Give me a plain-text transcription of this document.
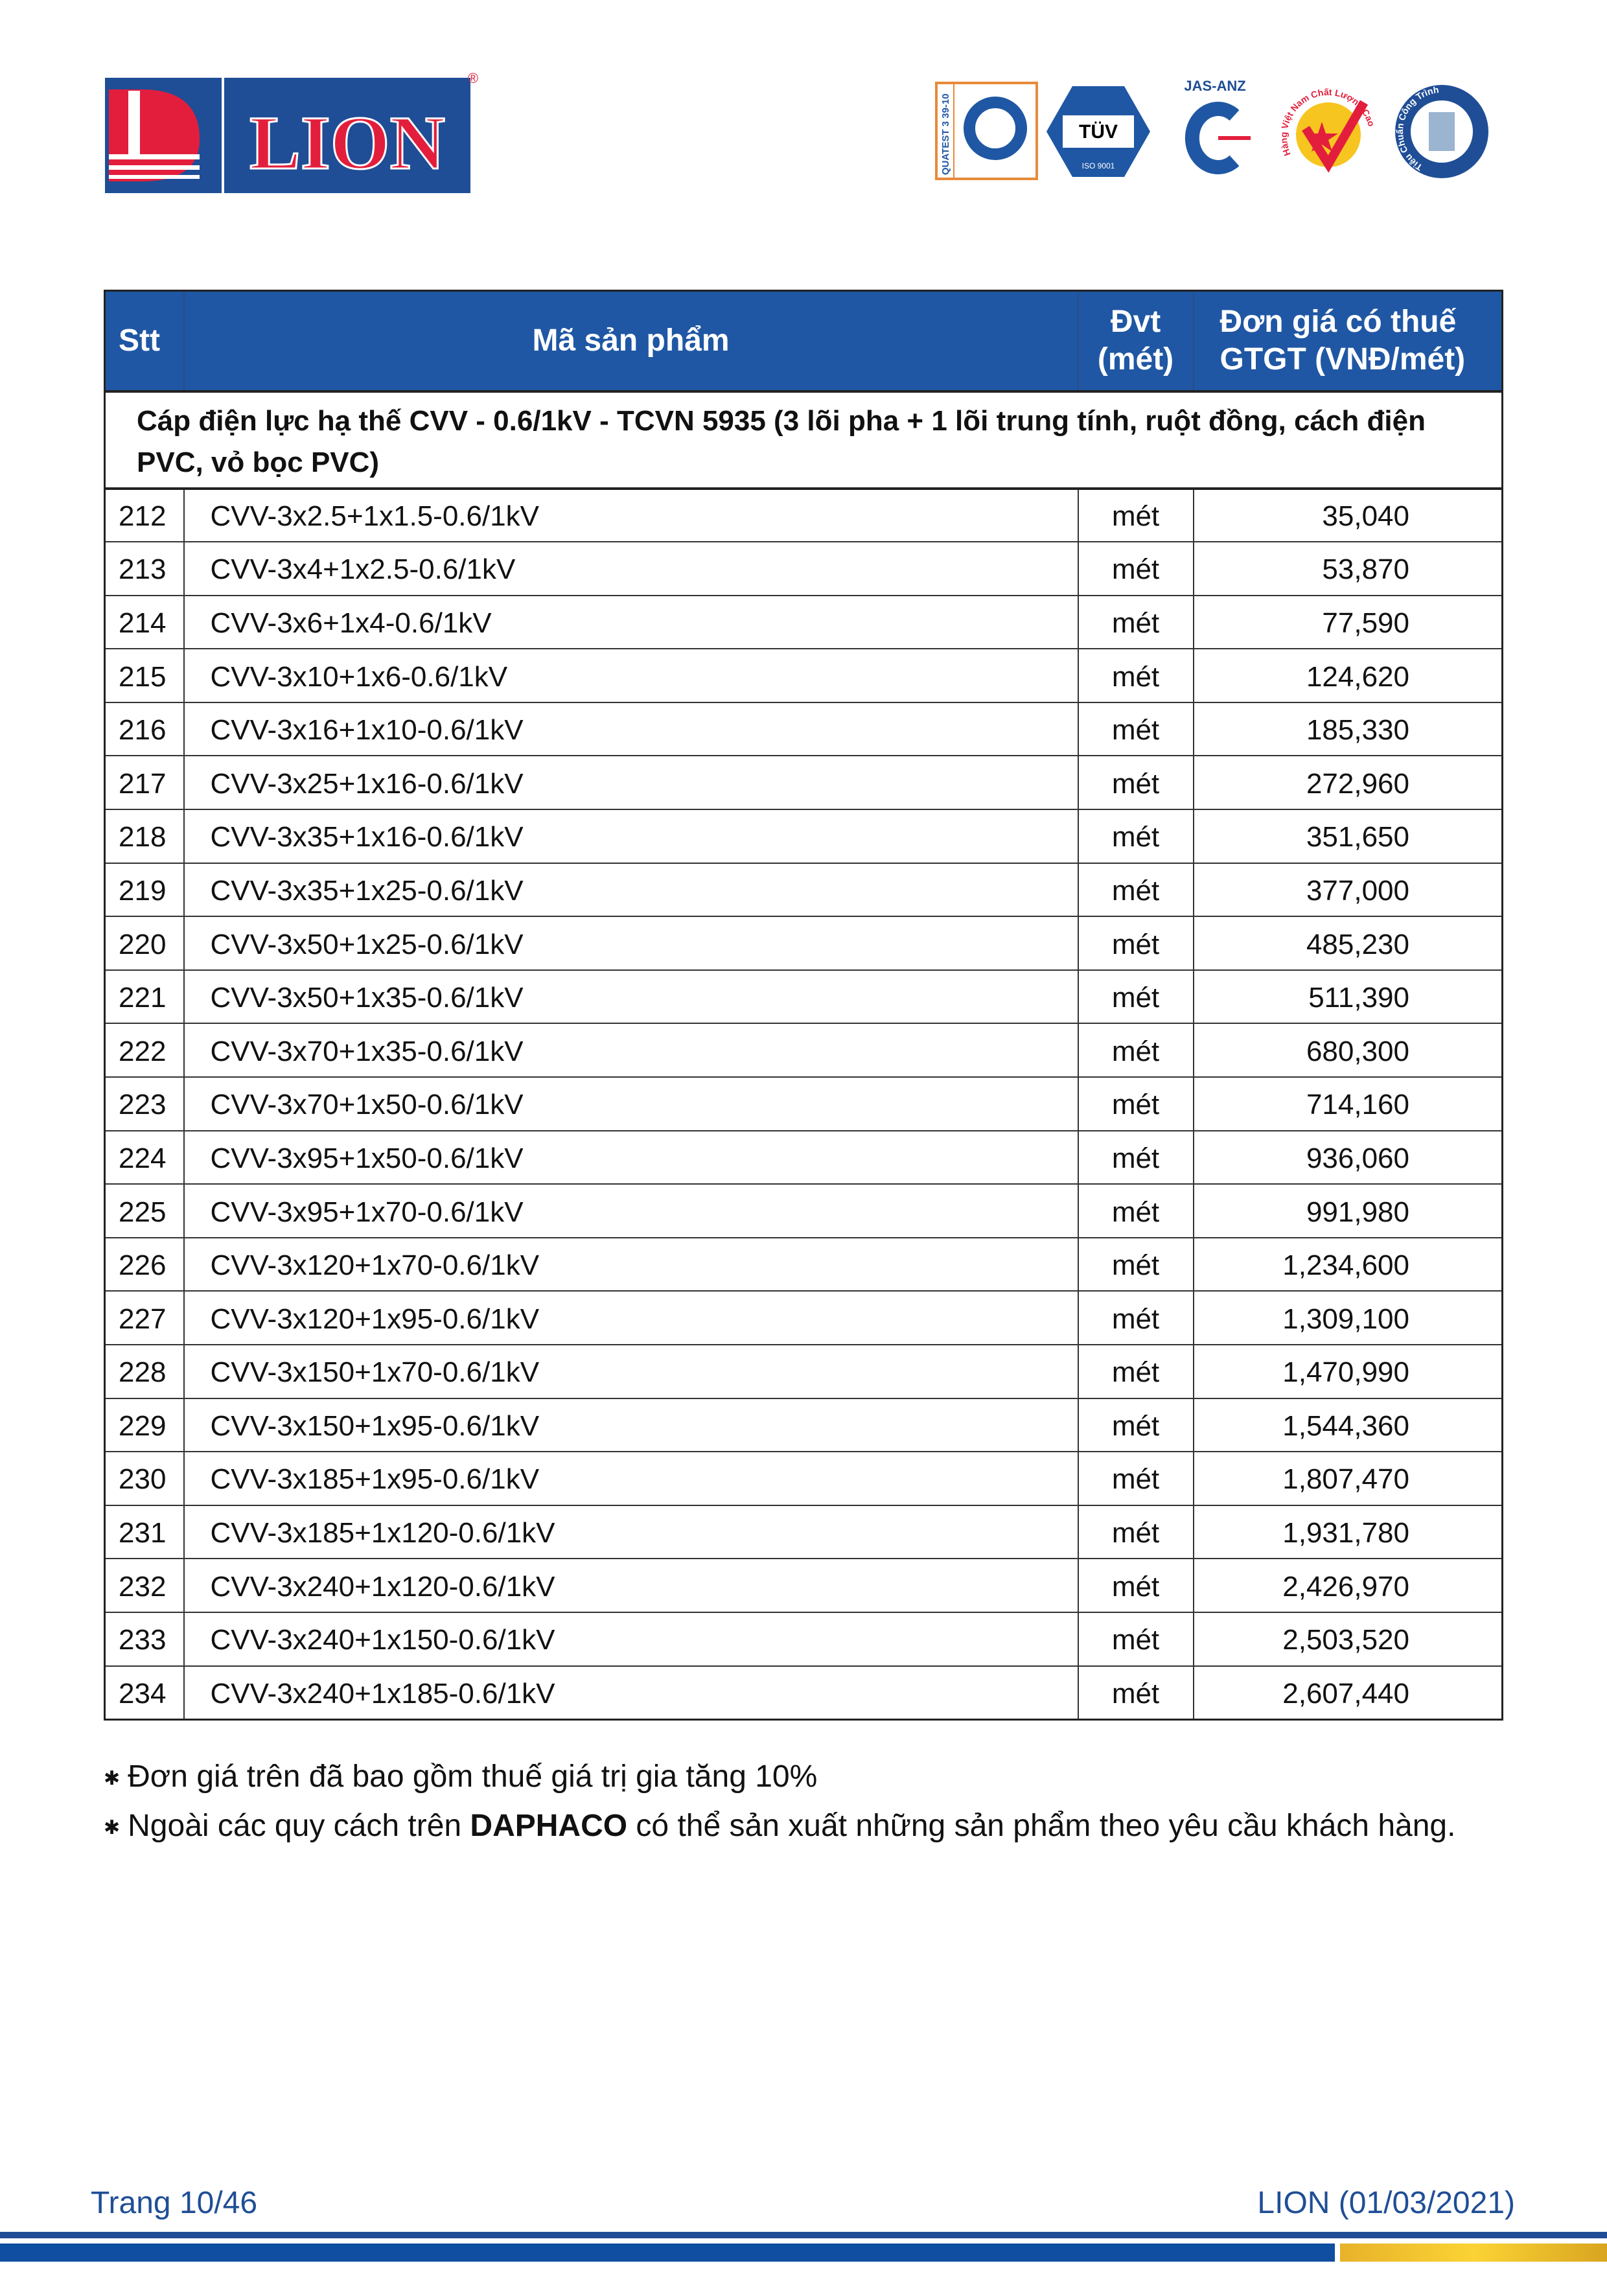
LION
®
QUATEST 3 39-10	TÜV
ISO 9001
JAS-ANZ
Hàng Việt Nam Chất Lượng Cao
Tiêu Chuẩn Công Trình
Stt	Mã sản phẩm	Đvt (mét)	Đơn giá có thuế GTGT (VNĐ/mét)
Cáp điện lực hạ thế CVV - 0.6/1kV - TCVN 5935 (3 lõi pha + 1 lõi trung tính, ruột đồng, cách điện PVC, vỏ bọc PVC)			
212	CVV-3x2.5+1x1.5-0.6/1kV	mét	35,040
213	CVV-3x4+1x2.5-0.6/1kV	mét	53,870
214	CVV-3x6+1x4-0.6/1kV	mét	77,590
215	CVV-3x10+1x6-0.6/1kV	mét	124,620
216	CVV-3x16+1x10-0.6/1kV	mét	185,330
217	CVV-3x25+1x16-0.6/1kV	mét	272,960
218	CVV-3x35+1x16-0.6/1kV	mét	351,650
219	CVV-3x35+1x25-0.6/1kV	mét	377,000
220	CVV-3x50+1x25-0.6/1kV	mét	485,230
221	CVV-3x50+1x35-0.6/1kV	mét	511,390
222	CVV-3x70+1x35-0.6/1kV	mét	680,300
223	CVV-3x70+1x50-0.6/1kV	mét	714,160
224	CVV-3x95+1x50-0.6/1kV	mét	936,060
225	CVV-3x95+1x70-0.6/1kV	mét	991,980
226	CVV-3x120+1x70-0.6/1kV	mét	1,234,600
227	CVV-3x120+1x95-0.6/1kV	mét	1,309,100
228	CVV-3x150+1x70-0.6/1kV	mét	1,470,990
229	CVV-3x150+1x95-0.6/1kV	mét	1,544,360
230	CVV-3x185+1x95-0.6/1kV	mét	1,807,470
231	CVV-3x185+1x120-0.6/1kV	mét	1,931,780
232	CVV-3x240+1x120-0.6/1kV	mét	2,426,970
233	CVV-3x240+1x150-0.6/1kV	mét	2,503,520
234	CVV-3x240+1x185-0.6/1kV	mét	2,607,440
✱ Đơn giá trên đã bao gồm thuế giá trị gia tăng 10%
✱ Ngoài các quy cách trên DAPHACO có thể sản xuất những sản phẩm theo yêu cầu khách hàng.
Trang 10/46	LION (01/03/2021)
